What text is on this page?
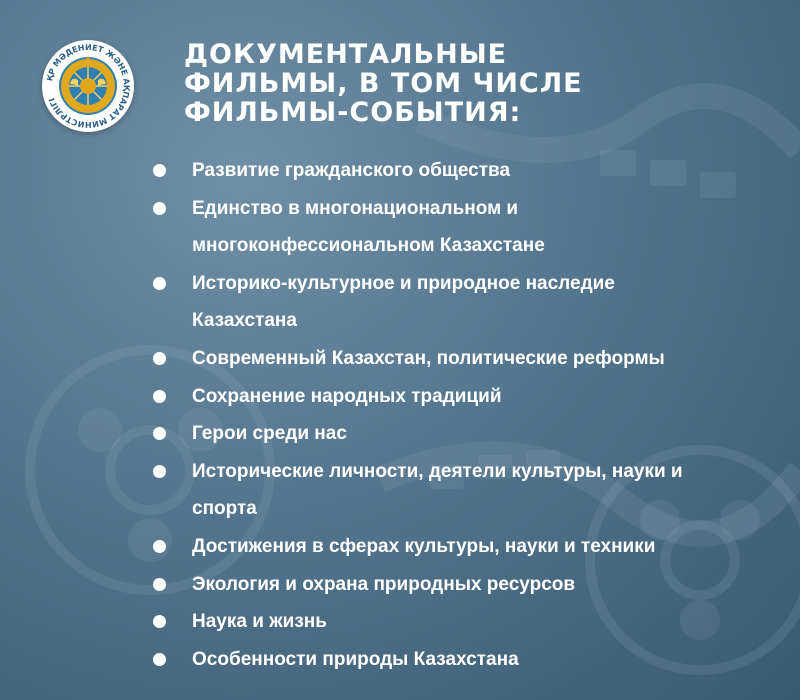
ҚР МӘДЕНИЕТ ЖӘНЕ АҚПАРАТ МИНИСТРЛІГІ
ДОКУМЕНТАЛЬНЫЕ
ФИЛЬМЫ, В ТОМ ЧИСЛЕ
ФИЛЬМЫ-СОБЫТИЯ:
Развитие гражданского общества
Единство в многонациональном и
многоконфессиональном Казахстане
Историко-культурное и природное наследие
Казахстана
Современный Казахстан, политические реформы
Сохранение народных традиций
Герои среди нас
Исторические личности, деятели культуры, науки и
спорта
Достижения в сферах культуры, науки и техники
Экология и охрана природных ресурсов
Наука и жизнь
Особенности природы Казахстана
